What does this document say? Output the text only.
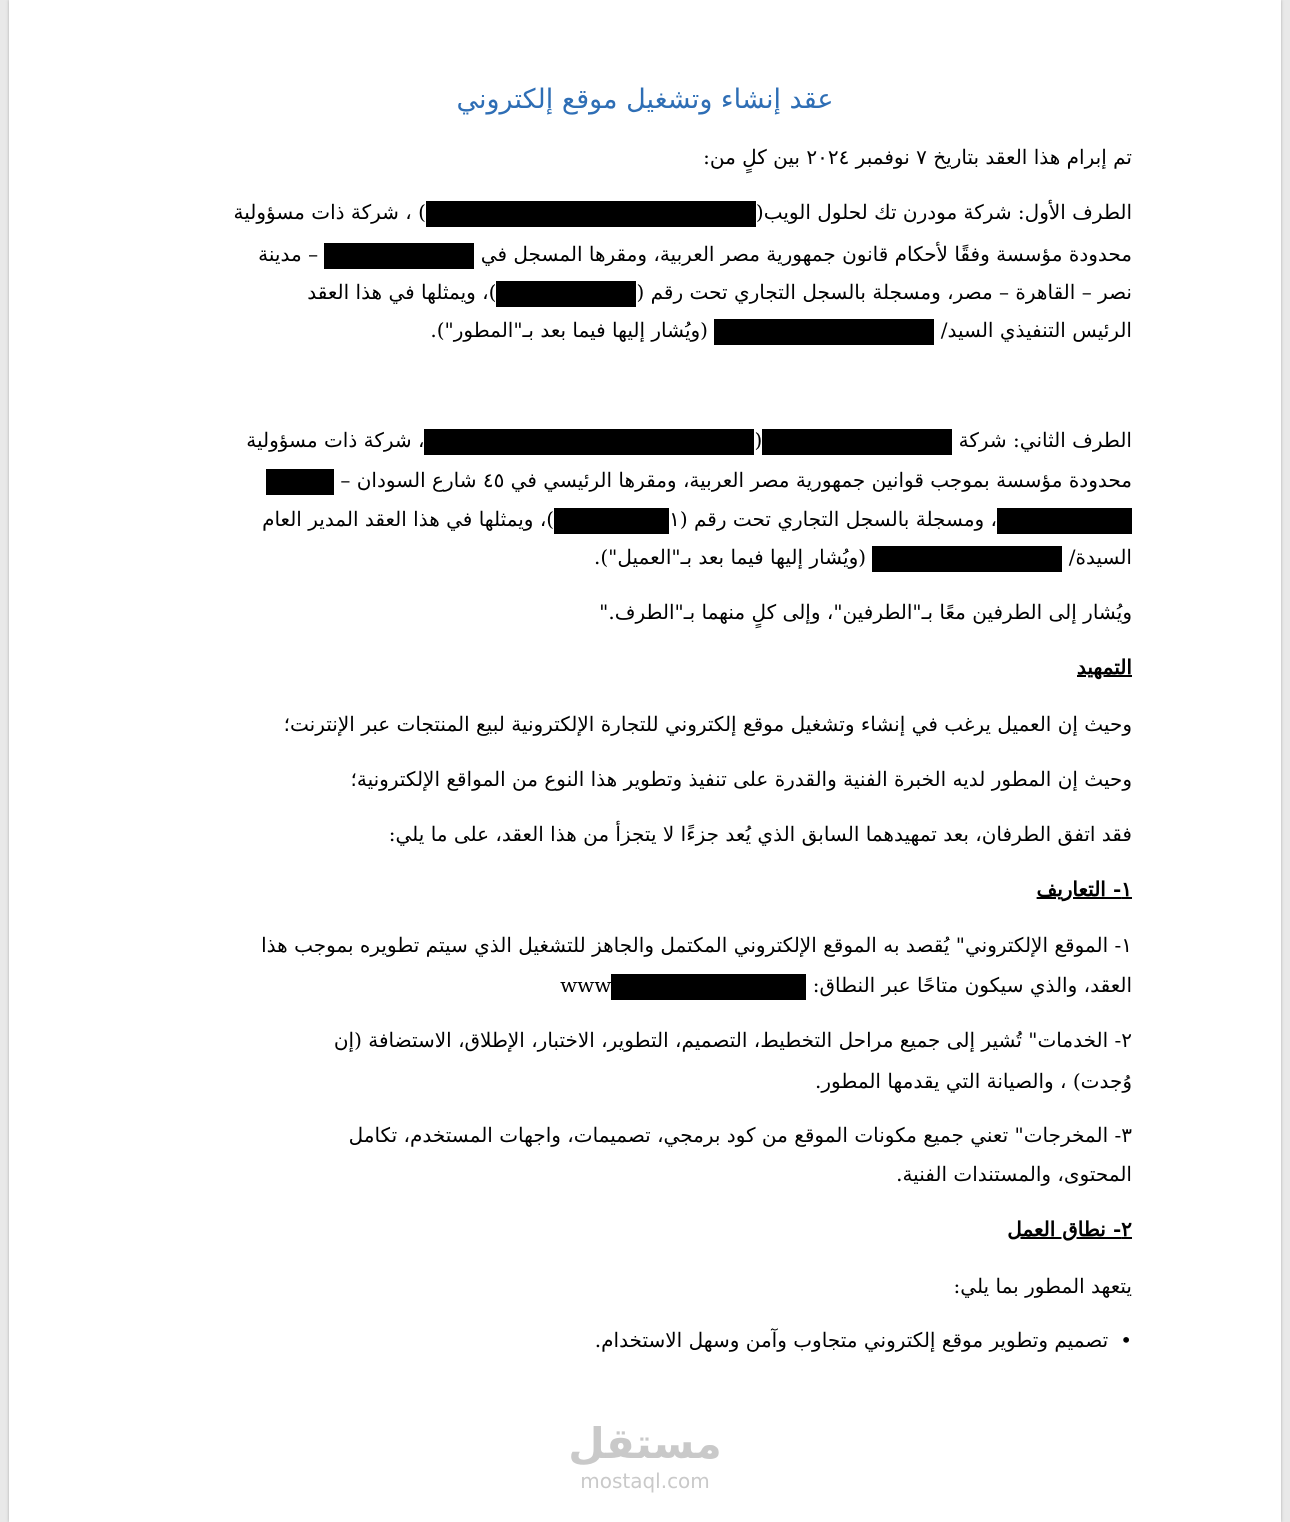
عقد إنشاء وتشغيل موقع إلكتروني
تم إبرام هذا العقد بتاريخ ٧ نوفمبر ٢٠٢٤ بين كلٍ من:
الطرف الأول: شركة مودرن تك لحلول الويب() ، شركة ذات مسؤولية
محدودة مؤسسة وفقًا لأحكام قانون جمهورية مصر العربية، ومقرها المسجل في  – مدينة
نصر – القاهرة – مصر، ومسجلة بالسجل التجاري تحت رقم ()، ويمثلها في هذا العقد
الرئيس التنفيذي السيد/  (ويُشار إليها فيما بعد بـ"المطور").
الطرف الثاني: شركة (، شركة ذات مسؤولية
محدودة مؤسسة بموجب قوانين جمهورية مصر العربية، ومقرها الرئيسي في ٤٥ شارع السودان –
، ومسجلة بالسجل التجاري تحت رقم (١)، ويمثلها في هذا العقد المدير العام
السيدة/  (ويُشار إليها فيما بعد بـ"العميل").
ويُشار إلى الطرفين معًا بـ"الطرفين"، وإلى كلٍ منهما بـ"الطرف."
التمهيد
وحيث إن العميل يرغب في إنشاء وتشغيل موقع إلكتروني للتجارة الإلكترونية لبيع المنتجات عبر الإنترنت؛
وحيث إن المطور لديه الخبرة الفنية والقدرة على تنفيذ وتطوير هذا النوع من المواقع الإلكترونية؛
فقد اتفق الطرفان، بعد تمهيدهما السابق الذي يُعد جزءًا لا يتجزأ من هذا العقد، على ما يلي:
١- التعاريف
١- الموقع الإلكتروني" يُقصد به الموقع الإلكتروني المكتمل والجاهز للتشغيل الذي سيتم تطويره بموجب هذا
العقد، والذي سيكون متاحًا عبر النطاق: www
٢- الخدمات" تُشير إلى جميع مراحل التخطيط، التصميم، التطوير، الاختبار، الإطلاق، الاستضافة (إن
وُجدت) ، والصيانة التي يقدمها المطور.
٣- المخرجات" تعني جميع مكونات الموقع من كود برمجي، تصميمات، واجهات المستخدم، تكامل
المحتوى، والمستندات الفنية.
٢- نطاق العمل
يتعهد المطور بما يلي:
•تصميم وتطوير موقع إلكتروني متجاوب وآمن وسهل الاستخدام.
مستقل
mostaql.com
